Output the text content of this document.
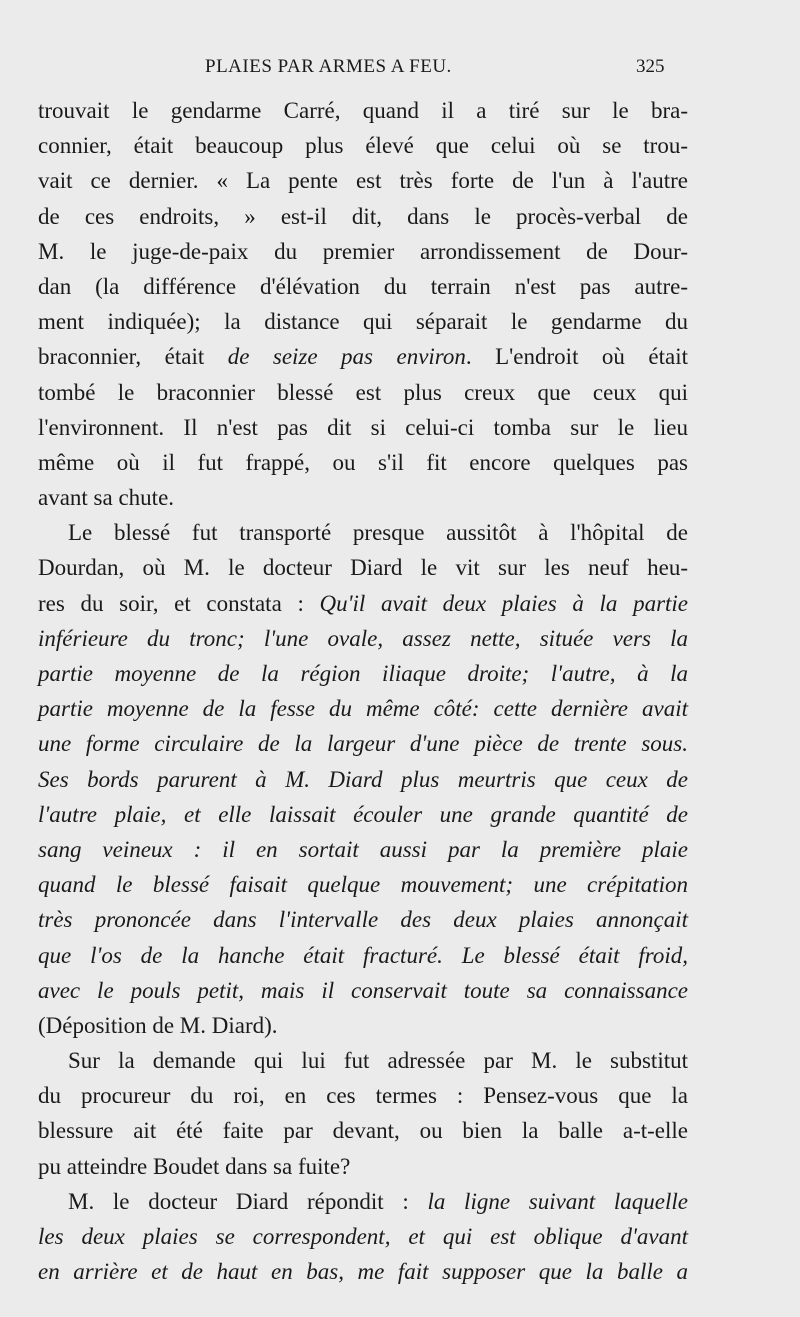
PLAIES PAR ARMES A FEU.	325
trouvait le gendarme Carré, quand il a tiré sur le bra-
connier, était beaucoup plus élevé que celui où se trou-
vait ce dernier. « La pente est très forte de l'un à l'autre
de ces endroits, » est-il dit, dans le procès-verbal de
M. le juge-de-paix du premier arrondissement de Dour-
dan (la différence d'élévation du terrain n'est pas autre-
ment indiquée); la distance qui séparait le gendarme du
braconnier, était de seize pas environ. L'endroit où était
tombé le braconnier blessé est plus creux que ceux qui
l'environnent. Il n'est pas dit si celui-ci tomba sur le lieu
même où il fut frappé, ou s'il fit encore quelques pas
avant sa chute.
Le blessé fut transporté presque aussitôt à l'hôpital de
Dourdan, où M. le docteur Diard le vit sur les neuf heu-
res du soir, et constata : Qu'il avait deux plaies à la partie
inférieure du tronc; l'une ovale, assez nette, située vers la
partie moyenne de la région iliaque droite; l'autre, à la
partie moyenne de la fesse du même côté: cette dernière avait
une forme circulaire de la largeur d'une pièce de trente sous.
Ses bords parurent à M. Diard plus meurtris que ceux de
l'autre plaie, et elle laissait écouler une grande quantité de
sang veineux : il en sortait aussi par la première plaie
quand le blessé faisait quelque mouvement; une crépitation
très prononcée dans l'intervalle des deux plaies annonçait
que l'os de la hanche était fracturé. Le blessé était froid,
avec le pouls petit, mais il conservait toute sa connaissance
(Déposition de M. Diard).
Sur la demande qui lui fut adressée par M. le substitut
du procureur du roi, en ces termes : Pensez-vous que la
blessure ait été faite par devant, ou bien la balle a-t-elle
pu atteindre Boudet dans sa fuite?
M. le docteur Diard répondit : la ligne suivant laquelle
les deux plaies se correspondent, et qui est oblique d'avant
en arrière et de haut en bas, me fait supposer que la balle a
